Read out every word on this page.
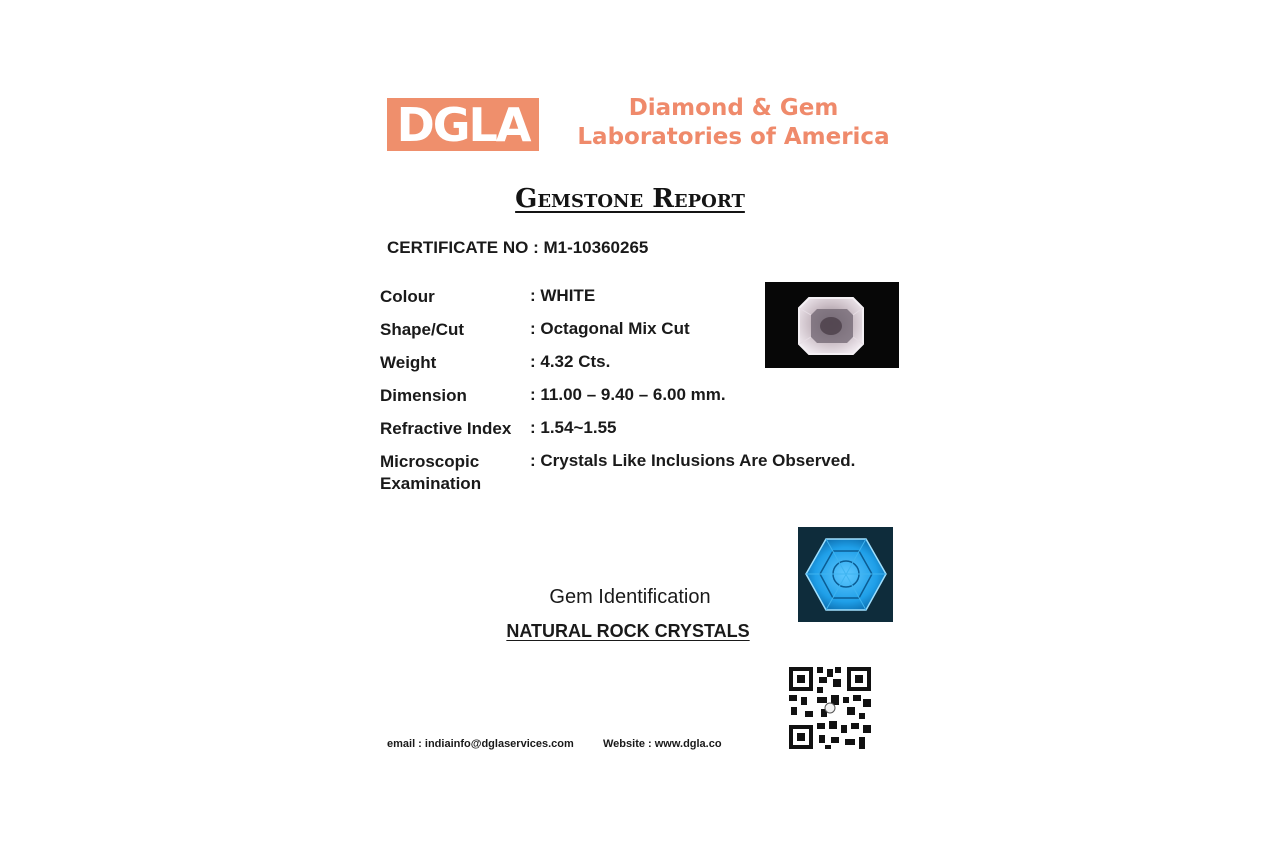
DGLA	Diamond & Gem
Laboratories of America
Gemstone Report
CERTIFICATE NO : M1-10360265
Colour	: WHITE
Shape/Cut	: Octagonal Mix Cut
Weight	: 4.32 Cts.
Dimension	: 11.00 – 9.40 – 6.00 mm.
Refractive Index	: 1.54~1.55
Microscopic Examination
: Crystals Like Inclusions Are Observed.
Gem Identification
NATURAL ROCK CRYSTALS
email : indiainfo@dglaservices.com	Website : www.dgla.co
